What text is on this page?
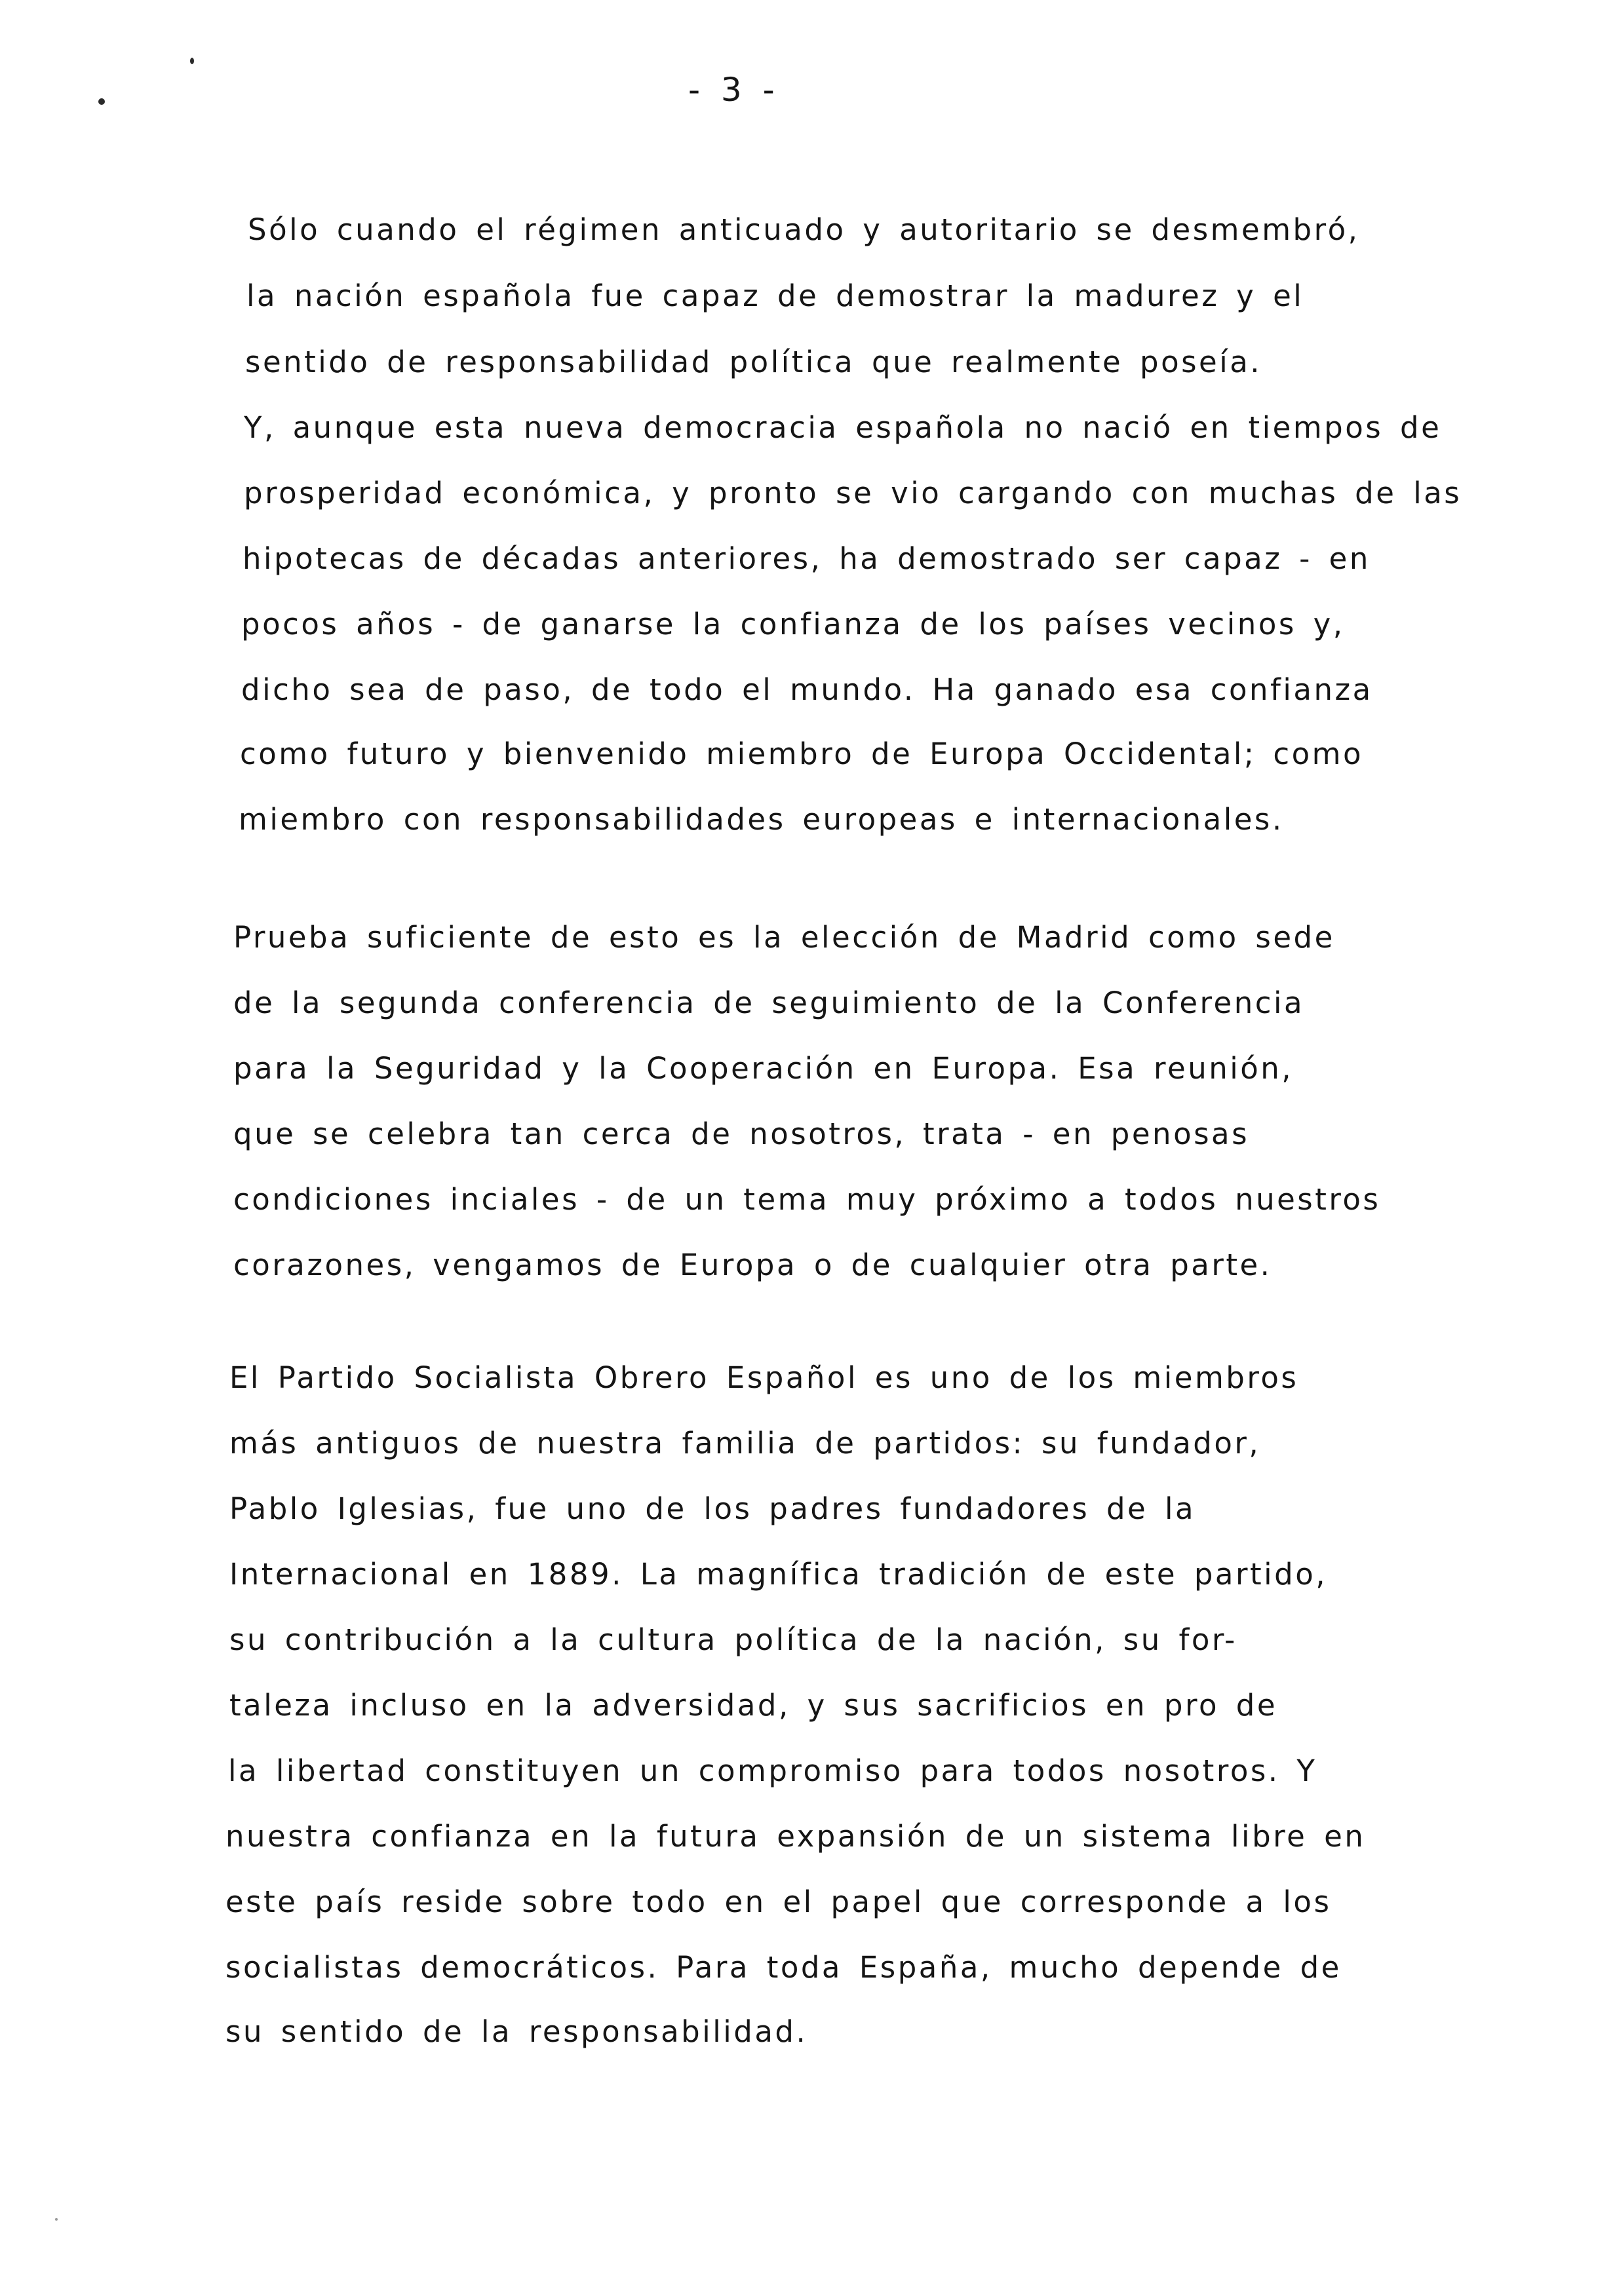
- 3 -
Sólo cuando el régimen anticuado y autoritario se desmembró,
la nación española fue capaz de demostrar la madurez y el
sentido de responsabilidad política que realmente poseía.
Y, aunque esta nueva democracia española no nació en tiempos de
prosperidad económica, y pronto se vio cargando con muchas de las
hipotecas de décadas anteriores, ha demostrado ser capaz - en
pocos años - de ganarse la confianza de los países vecinos y,
dicho sea de paso, de todo el mundo. Ha ganado esa confianza
como futuro y bienvenido miembro de Europa Occidental; como
miembro con responsabilidades europeas e internacionales.
Prueba suficiente de esto es la elección de Madrid como sede
de la segunda conferencia de seguimiento de la Conferencia
para la Seguridad y la Cooperación en Europa. Esa reunión,
que se celebra tan cerca de nosotros, trata - en penosas
condiciones inciales - de un tema muy próximo a todos nuestros
corazones, vengamos de Europa o de cualquier otra parte.
El Partido Socialista Obrero Español es uno de los miembros
más antiguos de nuestra familia de partidos: su fundador,
Pablo Iglesias, fue uno de los padres fundadores de la
Internacional en 1889. La magnífica tradición de este partido,
su contribución a la cultura política de la nación, su for-
taleza incluso en la adversidad, y sus sacrificios en pro de
la libertad constituyen un compromiso para todos nosotros. Y
nuestra confianza en la futura expansión de un sistema libre en
este país reside sobre todo en el papel que corresponde a los
socialistas democráticos. Para toda España, mucho depende de
su sentido de la responsabilidad.
